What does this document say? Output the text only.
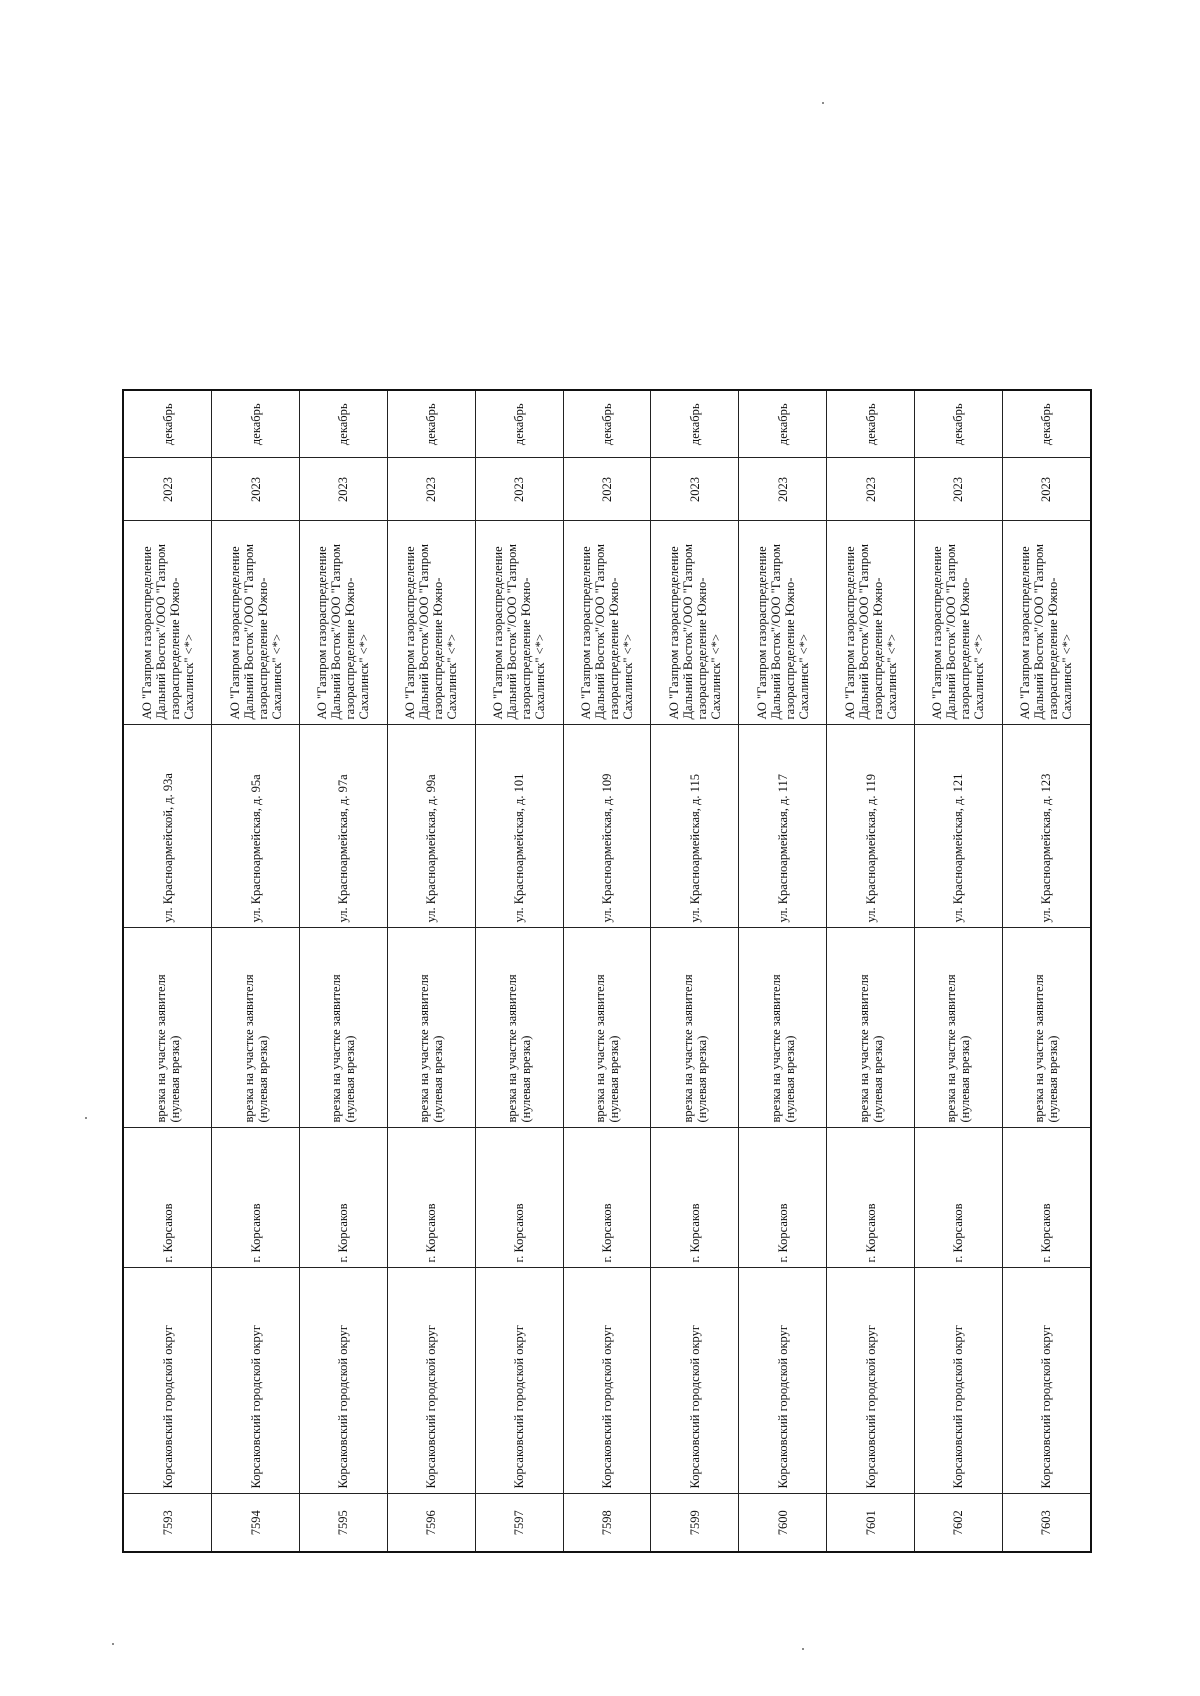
7593	Корсаковский городской округ	г. Корсаков	врезка на участке заявителя (нулевая врезка)	ул. Красноармейской, д. 93а	АО "Газпром газораспределение Дальний Восток"/ООО "Газпром газораспределение Южно-Сахалинск" <*>	2023	декабрь
7594	Корсаковский городской округ	г. Корсаков	врезка на участке заявителя (нулевая врезка)	ул. Красноармейская, д. 95а	АО "Газпром газораспределение Дальний Восток"/ООО "Газпром газораспределение Южно-Сахалинск" <*>	2023	декабрь
7595	Корсаковский городской округ	г. Корсаков	врезка на участке заявителя (нулевая врезка)	ул. Красноармейская, д. 97а	АО "Газпром газораспределение Дальний Восток"/ООО "Газпром газораспределение Южно-Сахалинск" <*>	2023	декабрь
7596	Корсаковский городской округ	г. Корсаков	врезка на участке заявителя (нулевая врезка)	ул. Красноармейская, д. 99а	АО "Газпром газораспределение Дальний Восток"/ООО "Газпром газораспределение Южно-Сахалинск" <*>	2023	декабрь
7597	Корсаковский городской округ	г. Корсаков	врезка на участке заявителя (нулевая врезка)	ул. Красноармейская, д. 101	АО "Газпром газораспределение Дальний Восток"/ООО "Газпром газораспределение Южно-Сахалинск" <*>	2023	декабрь
7598	Корсаковский городской округ	г. Корсаков	врезка на участке заявителя (нулевая врезка)	ул. Красноармейская, д. 109	АО "Газпром газораспределение Дальний Восток"/ООО "Газпром газораспределение Южно-Сахалинск" <*>	2023	декабрь
7599	Корсаковский городской округ	г. Корсаков	врезка на участке заявителя (нулевая врезка)	ул. Красноармейская, д. 115	АО "Газпром газораспределение Дальний Восток"/ООО "Газпром газораспределение Южно-Сахалинск" <*>	2023	декабрь
7600	Корсаковский городской округ	г. Корсаков	врезка на участке заявителя (нулевая врезка)	ул. Красноармейская, д. 117	АО "Газпром газораспределение Дальний Восток"/ООО "Газпром газораспределение Южно-Сахалинск" <*>	2023	декабрь
7601	Корсаковский городской округ	г. Корсаков	врезка на участке заявителя (нулевая врезка)	ул. Красноармейская, д. 119	АО "Газпром газораспределение Дальний Восток"/ООО "Газпром газораспределение Южно-Сахалинск" <*>	2023	декабрь
7602	Корсаковский городской округ	г. Корсаков	врезка на участке заявителя (нулевая врезка)	ул. Красноармейская, д. 121	АО "Газпром газораспределение Дальний Восток"/ООО "Газпром газораспределение Южно-Сахалинск" <*>	2023	декабрь
7603	Корсаковский городской округ	г. Корсаков	врезка на участке заявителя (нулевая врезка)	ул. Красноармейская, д. 123	АО "Газпром газораспределение Дальний Восток"/ООО "Газпром газораспределение Южно-Сахалинск" <*>	2023	декабрь
